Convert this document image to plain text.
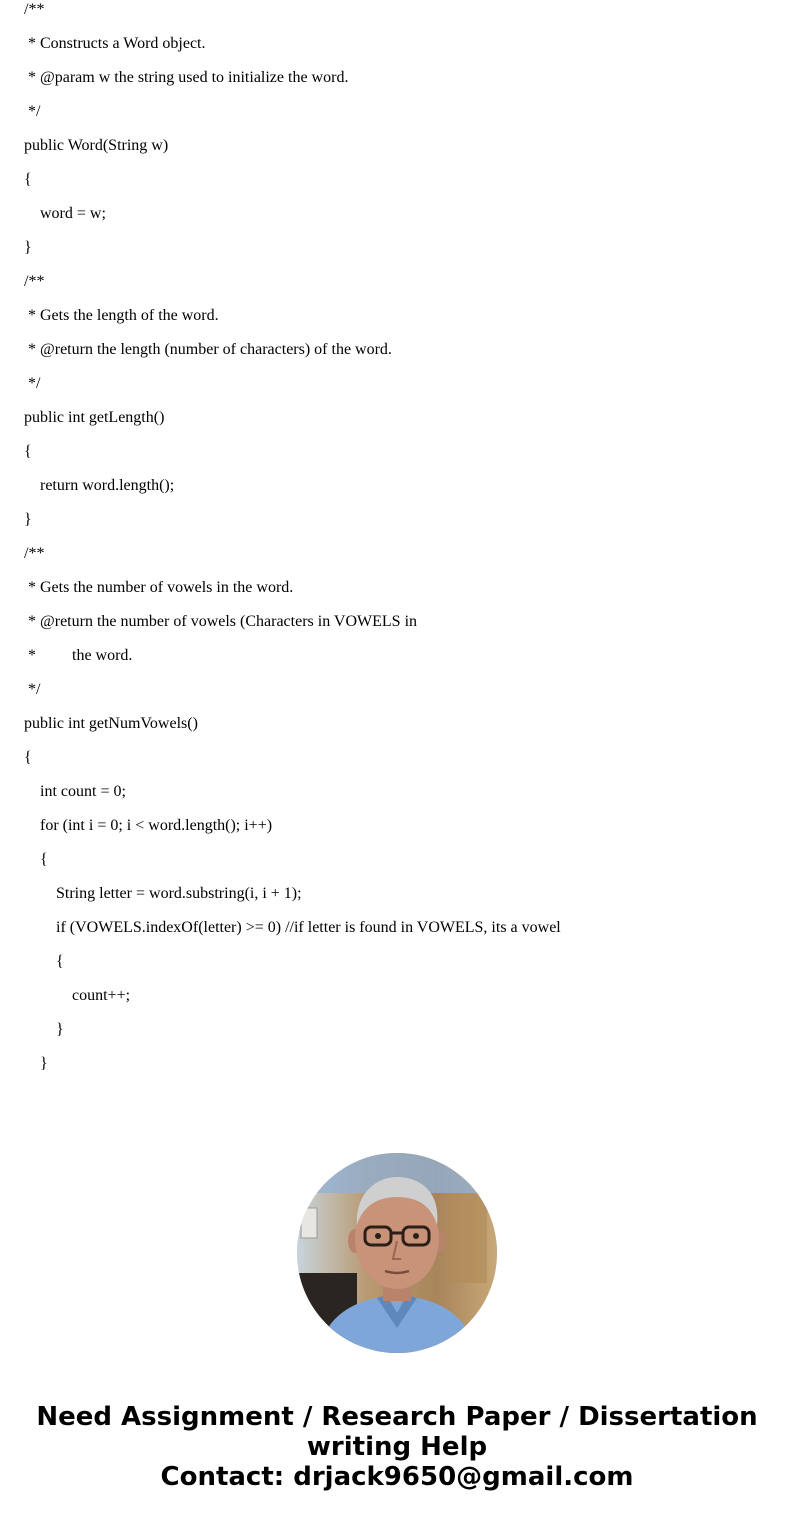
/**
* Constructs a Word object.
* @param w the string used to initialize the word.
*/
public Word(String w)
{
word = w;
}
/**
* Gets the length of the word.
* @return the length (number of characters) of the word.
*/
public int getLength()
{
return word.length();
}
/**
* Gets the number of vowels in the word.
* @return the number of vowels (Characters in VOWELS in
*         the word.
*/
public int getNumVowels()
{
int count = 0;
for (int i = 0; i < word.length(); i++)
{
String letter = word.substring(i, i + 1);
if (VOWELS.indexOf(letter) >= 0) //if letter is found in VOWELS, its a vowel
{
count++;
}
}
Need Assignment / Research Paper / Dissertation
writing Help
Contact: drjack9650@gmail.com
